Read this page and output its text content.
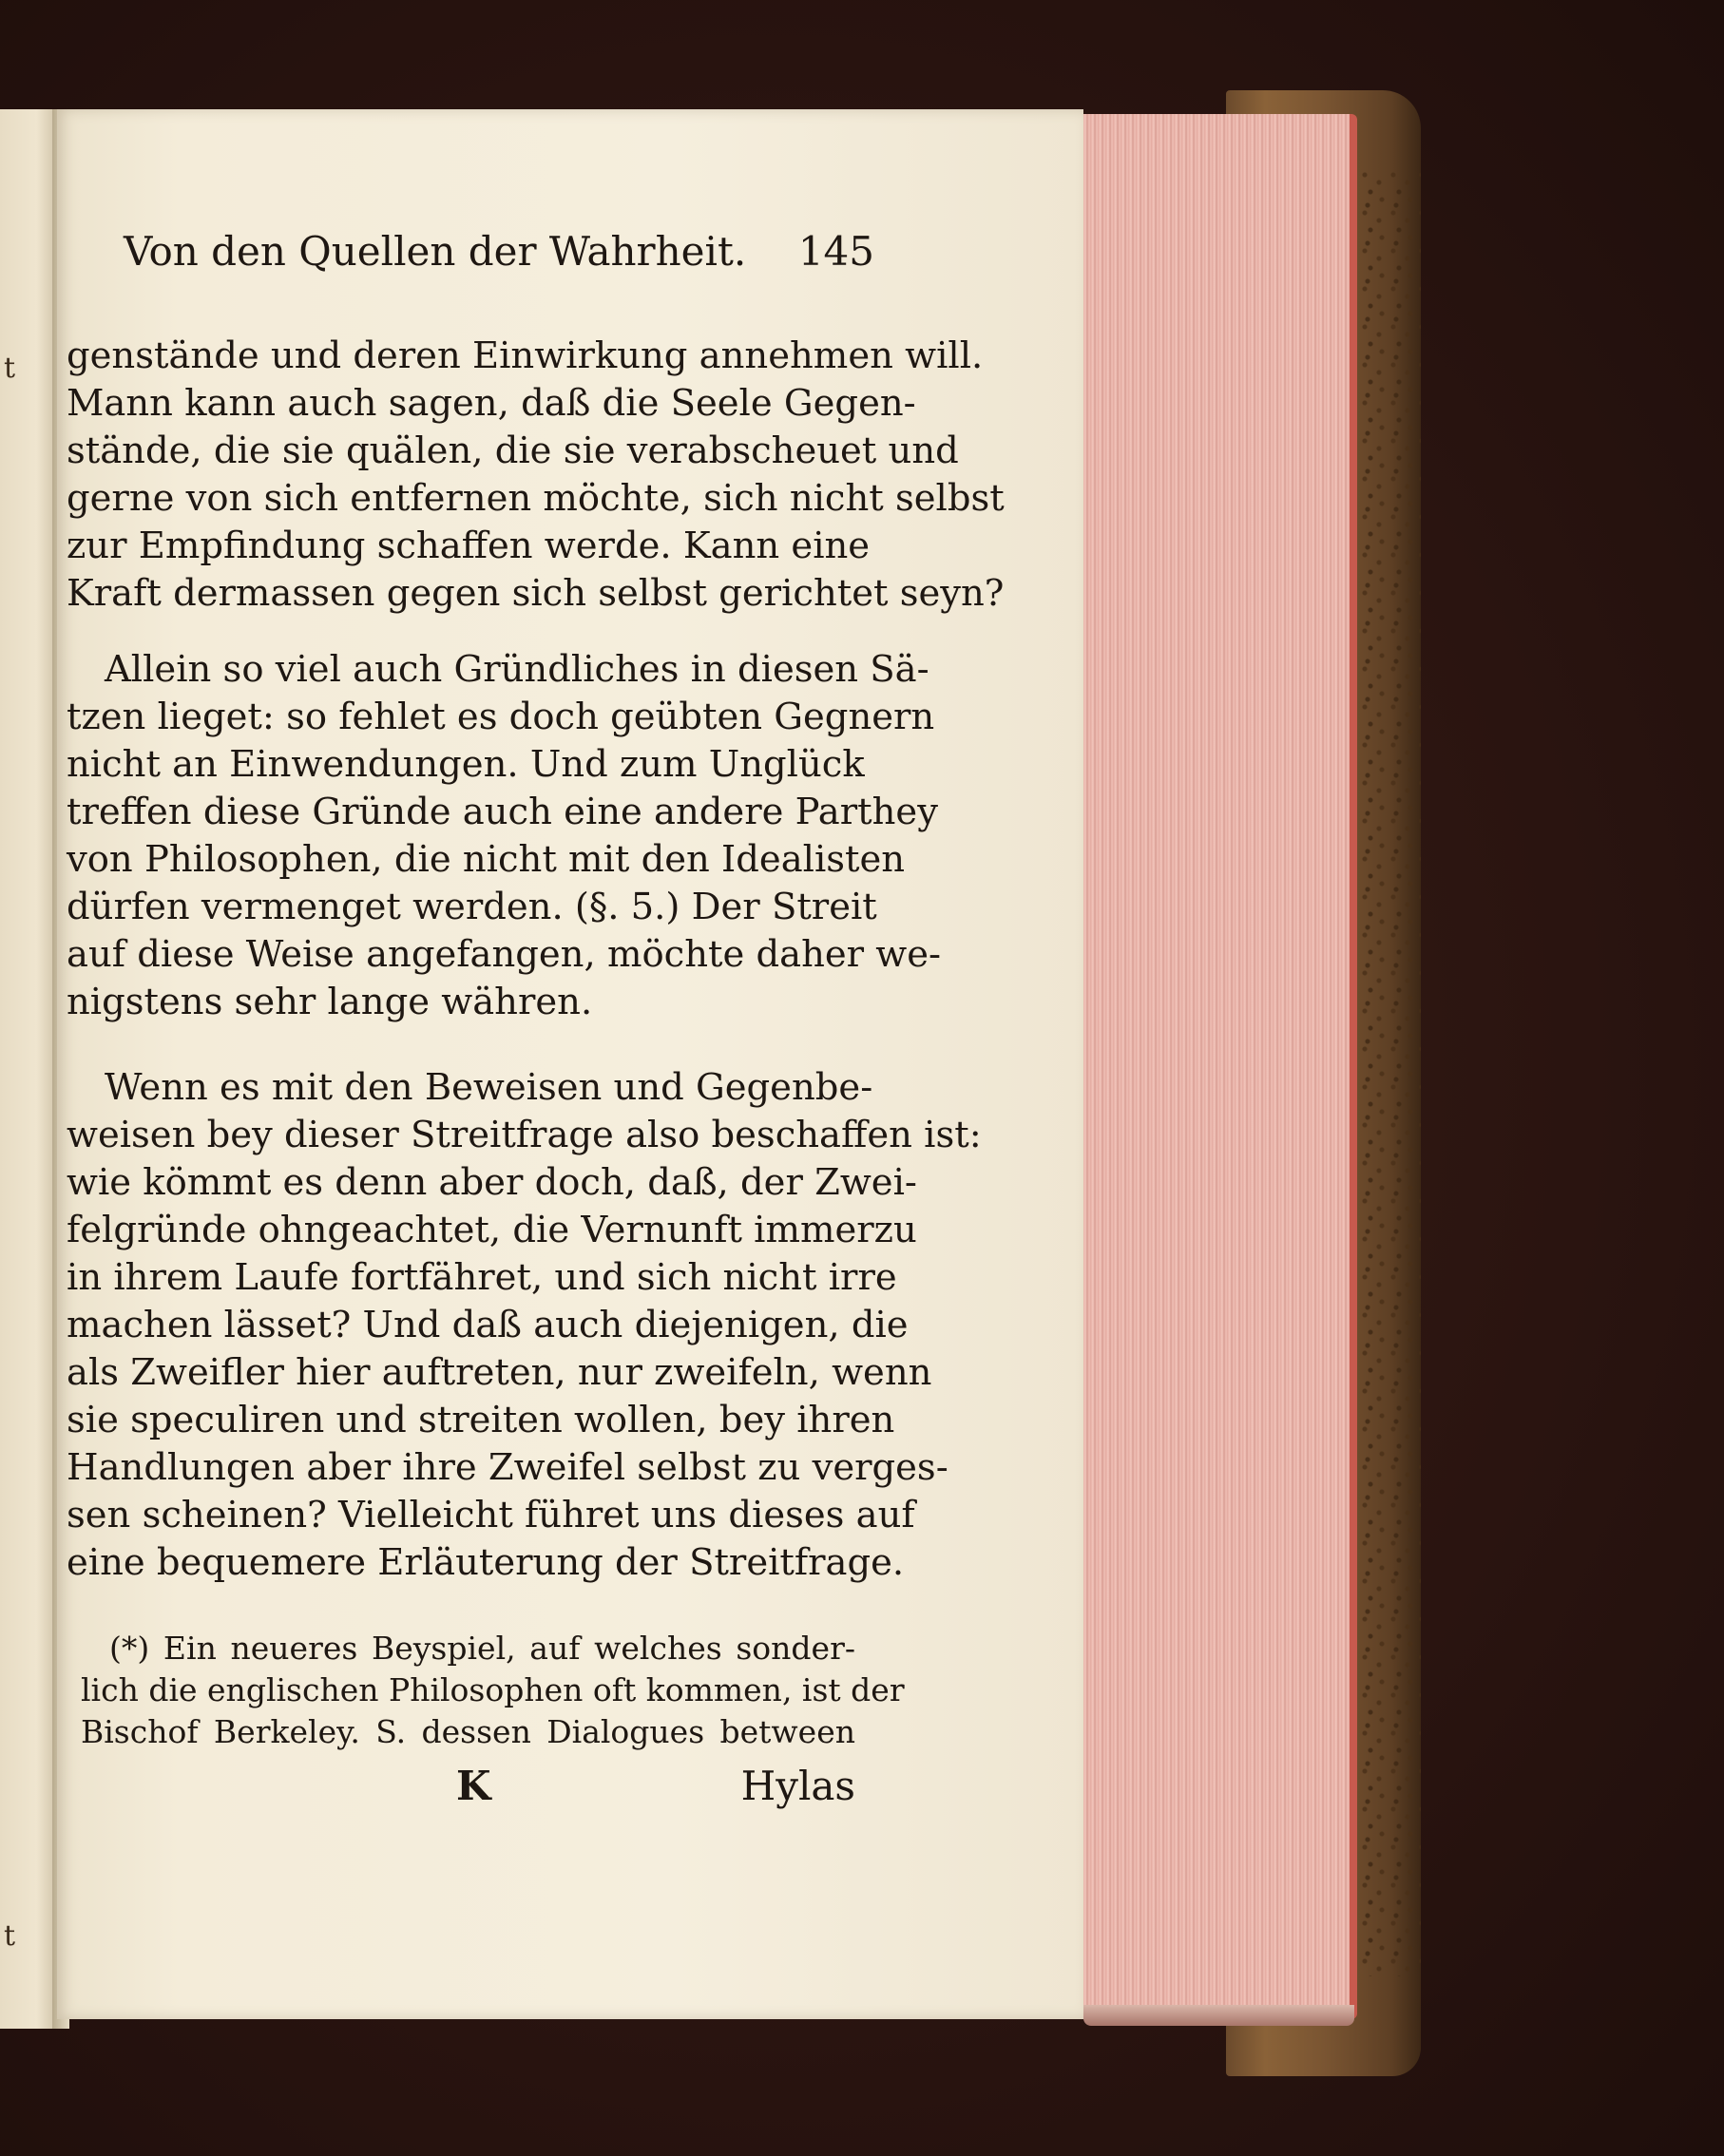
t
t
Von den Quellen der Wahrheit. 145
genstände und deren Einwirkung annehmen will.
Mann kann auch sagen, daß die Seele Gegen-
stände, die sie quälen, die sie verabscheuet und
gerne von sich entfernen möchte, sich nicht selbst
zur Empfindung schaffen werde. Kann eine
Kraft dermassen gegen sich selbst gerichtet seyn?
Allein so viel auch Gründliches in diesen Sä-
tzen lieget: so fehlet es doch geübten Gegnern
nicht an Einwendungen. Und zum Unglück
treffen diese Gründe auch eine andere Parthey
von Philosophen, die nicht mit den Idealisten
dürfen vermenget werden. (§. 5.) Der Streit
auf diese Weise angefangen, möchte daher we-
nigstens sehr lange währen.
Wenn es mit den Beweisen und Gegenbe-
weisen bey dieser Streitfrage also beschaffen ist:
wie kömmt es denn aber doch, daß, der Zwei-
felgründe ohngeachtet, die Vernunft immerzu
in ihrem Laufe fortfähret, und sich nicht irre
machen lässet? Und daß auch diejenigen, die
als Zweifler hier auftreten, nur zweifeln, wenn
sie speculiren und streiten wollen, bey ihren
Handlungen aber ihre Zweifel selbst zu verges-
sen scheinen? Vielleicht führet uns dieses auf
eine bequemere Erläuterung der Streitfrage.
(*) Ein neueres Beyspiel, auf welches sonder-
lich die englischen Philosophen oft kommen, ist der
Bischof Berkeley. S. dessen Dialogues between
K	Hylas
